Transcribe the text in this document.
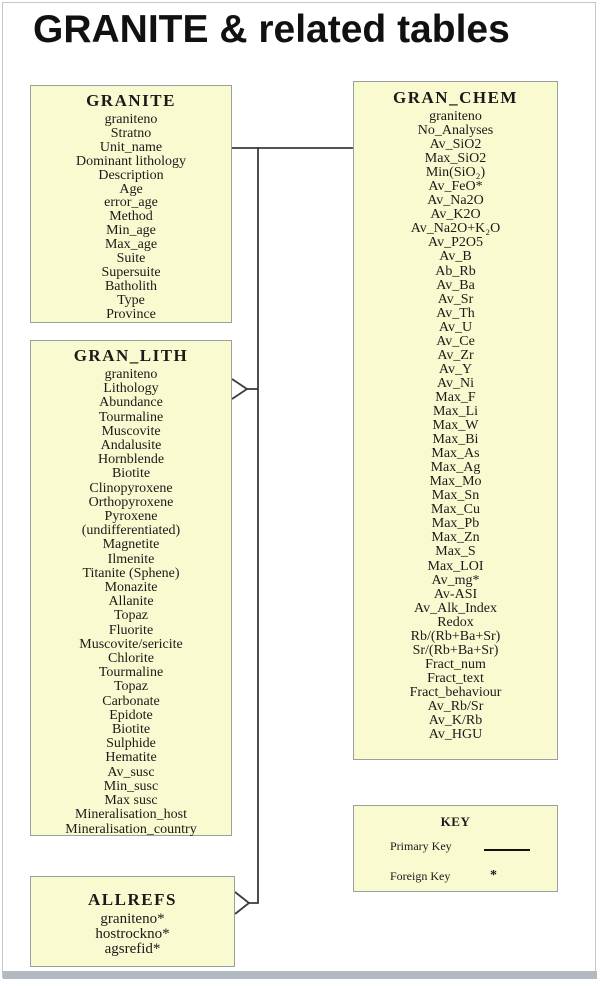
GRANITE & related tables
GRANITE
graniteno
Stratno
Unit_name
Dominant lithology
Description
Age
error_age
Method
Min_age
Max_age
Suite
Supersuite
Batholith
Type
Province
GRAN_LITH
graniteno
Lithology
Abundance
Tourmaline
Muscovite
Andalusite
Hornblende
Biotite
Clinopyroxene
Orthopyroxene
Pyroxene
(undifferentiated)
Magnetite
Ilmenite
Titanite (Sphene)
Monazite
Allanite
Topaz
Fluorite
Muscovite/sericite
Chlorite
Tourmaline
Topaz
Carbonate
Epidote
Biotite
Sulphide
Hematite
Av_susc
Min_susc
Max susc
Mineralisation_host
Mineralisation_country
GRAN_CHEM
graniteno
No_Analyses
Av_SiO2
Max_SiO2
Min(SiO₂)
Av_FeO*
Av_Na2O
Av_K2O
Av_Na2O+K₂O
Av_P2O5
Av_B
Ab_Rb
Av_Ba
Av_Sr
Av_Th
Av_U
Av_Ce
Av_Zr
Av_Y
Av_Ni
Max_F
Max_Li
Max_W
Max_Bi
Max_As
Max_Ag
Max_Mo
Max_Sn
Max_Cu
Max_Pb
Max_Zn
Max_S
Max_LOI
Av_mg*
Av-ASI
Av_Alk_Index
Redox
Rb/(Rb+Ba+Sr)
Sr/(Rb+Ba+Sr)
Fract_num
Fract_text
Fract_behaviour
Av_Rb/Sr
Av_K/Rb
Av_HGU
ALLREFS
graniteno*
hostrockno*
agsrefid*
KEY
Primary Key
Foreign Key	*
